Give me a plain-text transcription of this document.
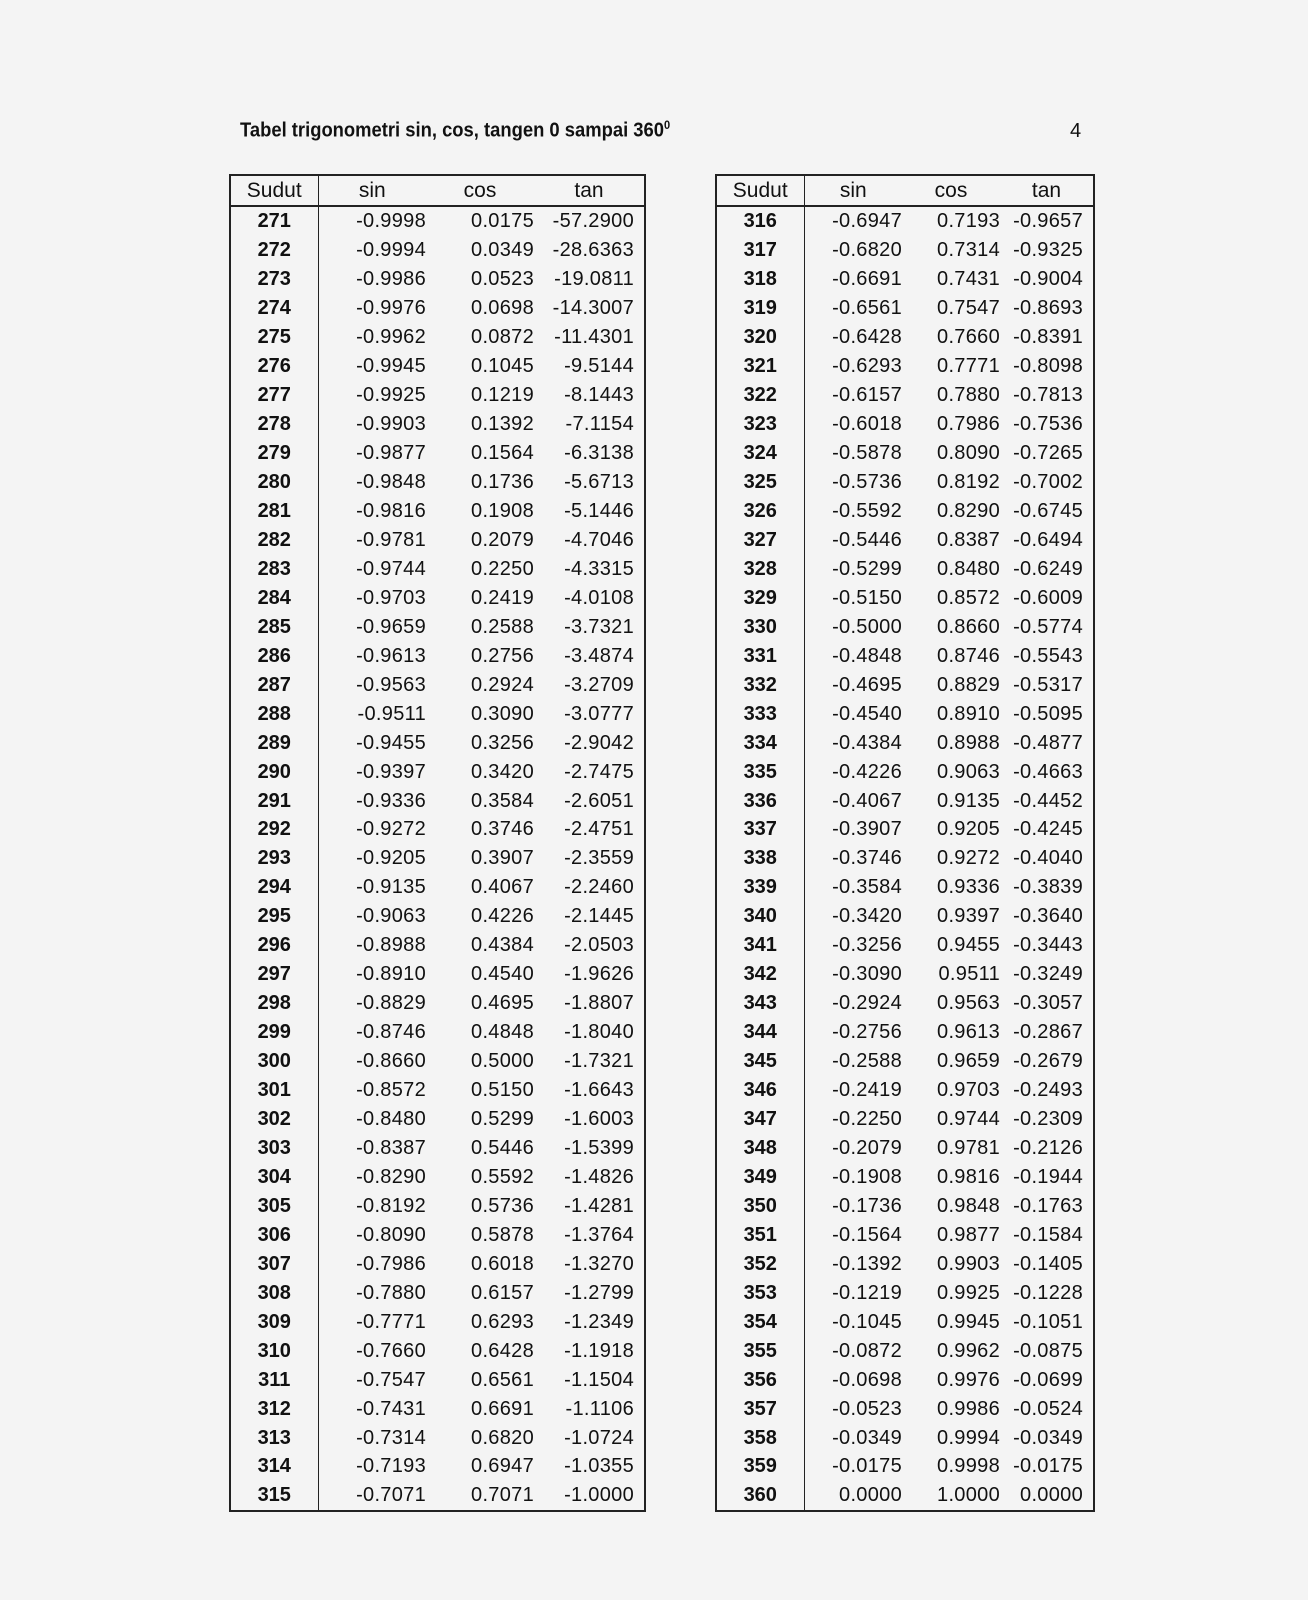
Tabel trigonometri sin, cos, tangen 0 sampai $360^0$	4
Sudut	sin	cos	tan
271	-0.9998	0.0175	-57.2900
272	-0.9994	0.0349	-28.6363
273	-0.9986	0.0523	-19.0811
274	-0.9976	0.0698	-14.3007
275	-0.9962	0.0872	-11.4301
276	-0.9945	0.1045	-9.5144
277	-0.9925	0.1219	-8.1443
278	-0.9903	0.1392	-7.1154
279	-0.9877	0.1564	-6.3138
280	-0.9848	0.1736	-5.6713
281	-0.9816	0.1908	-5.1446
282	-0.9781	0.2079	-4.7046
283	-0.9744	0.2250	-4.3315
284	-0.9703	0.2419	-4.0108
285	-0.9659	0.2588	-3.7321
286	-0.9613	0.2756	-3.4874
287	-0.9563	0.2924	-3.2709
288	-0.9511	0.3090	-3.0777
289	-0.9455	0.3256	-2.9042
290	-0.9397	0.3420	-2.7475
291	-0.9336	0.3584	-2.6051
292	-0.9272	0.3746	-2.4751
293	-0.9205	0.3907	-2.3559
294	-0.9135	0.4067	-2.2460
295	-0.9063	0.4226	-2.1445
296	-0.8988	0.4384	-2.0503
297	-0.8910	0.4540	-1.9626
298	-0.8829	0.4695	-1.8807
299	-0.8746	0.4848	-1.8040
300	-0.8660	0.5000	-1.7321
301	-0.8572	0.5150	-1.6643
302	-0.8480	0.5299	-1.6003
303	-0.8387	0.5446	-1.5399
304	-0.8290	0.5592	-1.4826
305	-0.8192	0.5736	-1.4281
306	-0.8090	0.5878	-1.3764
307	-0.7986	0.6018	-1.3270
308	-0.7880	0.6157	-1.2799
309	-0.7771	0.6293	-1.2349
310	-0.7660	0.6428	-1.1918
311	-0.7547	0.6561	-1.1504
312	-0.7431	0.6691	-1.1106
313	-0.7314	0.6820	-1.0724
314	-0.7193	0.6947	-1.0355
315	-0.7071	0.7071	-1.0000
Sudut	sin	cos	tan
316	-0.6947	0.7193	-0.9657
317	-0.6820	0.7314	-0.9325
318	-0.6691	0.7431	-0.9004
319	-0.6561	0.7547	-0.8693
320	-0.6428	0.7660	-0.8391
321	-0.6293	0.7771	-0.8098
322	-0.6157	0.7880	-0.7813
323	-0.6018	0.7986	-0.7536
324	-0.5878	0.8090	-0.7265
325	-0.5736	0.8192	-0.7002
326	-0.5592	0.8290	-0.6745
327	-0.5446	0.8387	-0.6494
328	-0.5299	0.8480	-0.6249
329	-0.5150	0.8572	-0.6009
330	-0.5000	0.8660	-0.5774
331	-0.4848	0.8746	-0.5543
332	-0.4695	0.8829	-0.5317
333	-0.4540	0.8910	-0.5095
334	-0.4384	0.8988	-0.4877
335	-0.4226	0.9063	-0.4663
336	-0.4067	0.9135	-0.4452
337	-0.3907	0.9205	-0.4245
338	-0.3746	0.9272	-0.4040
339	-0.3584	0.9336	-0.3839
340	-0.3420	0.9397	-0.3640
341	-0.3256	0.9455	-0.3443
342	-0.3090	0.9511	-0.3249
343	-0.2924	0.9563	-0.3057
344	-0.2756	0.9613	-0.2867
345	-0.2588	0.9659	-0.2679
346	-0.2419	0.9703	-0.2493
347	-0.2250	0.9744	-0.2309
348	-0.2079	0.9781	-0.2126
349	-0.1908	0.9816	-0.1944
350	-0.1736	0.9848	-0.1763
351	-0.1564	0.9877	-0.1584
352	-0.1392	0.9903	-0.1405
353	-0.1219	0.9925	-0.1228
354	-0.1045	0.9945	-0.1051
355	-0.0872	0.9962	-0.0875
356	-0.0698	0.9976	-0.0699
357	-0.0523	0.9986	-0.0524
358	-0.0349	0.9994	-0.0349
359	-0.0175	0.9998	-0.0175
360	0.0000	1.0000	0.0000
